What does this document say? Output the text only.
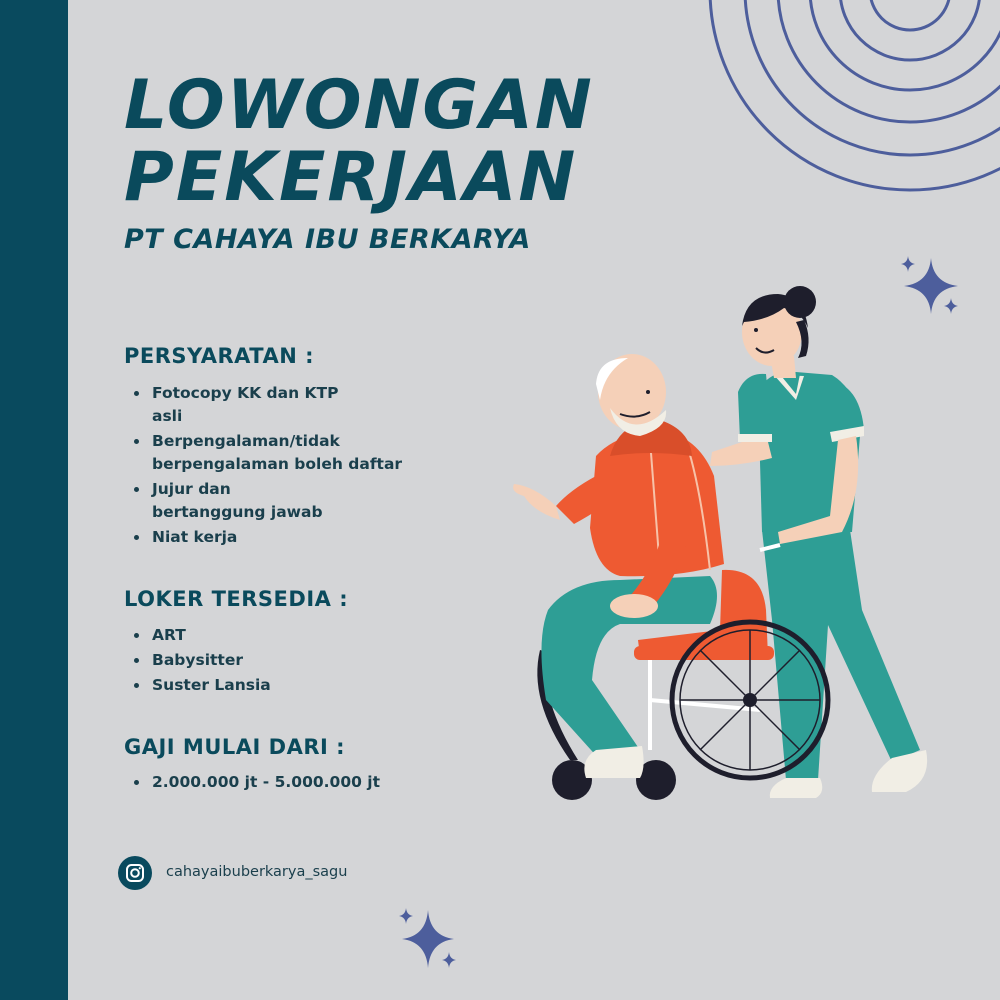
LOWONGAN
PEKERJAAN
PT CAHAYA IBU BERKARYA
PERSYARATAN :
Fotocopy KK dan KTP asli
Berpengalaman/tidak berpengalaman boleh daftar
Jujur dan bertanggung jawab
Niat kerja
LOKER TERSEDIA :
ART
Babysitter
Suster Lansia
GAJI MULAI DARI :
2.000.000 jt - 5.000.000 jt

cahayaibuberkarya_sagu
